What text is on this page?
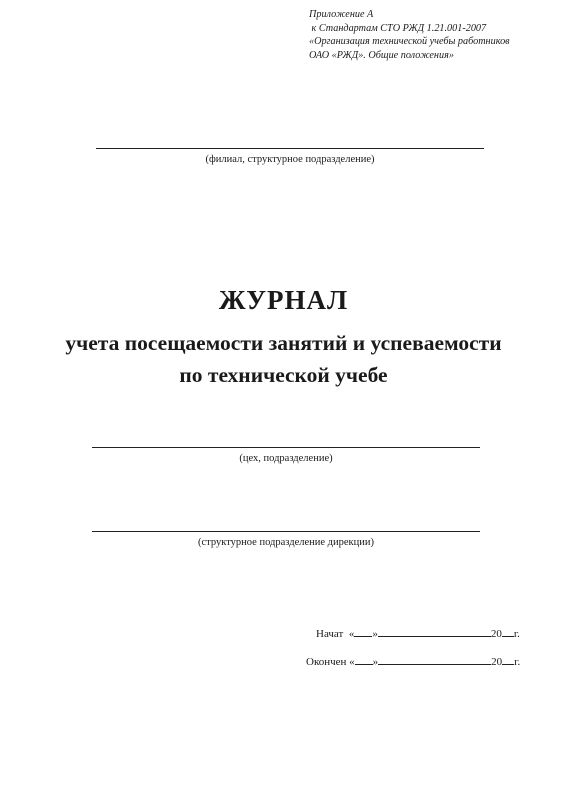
Приложение А
к Стандартам СТО РЖД 1.21.001-2007
«Организация технической учебы работников
ОАО «РЖД». Общие положения»
(филиал, структурное подразделение)
ЖУРНАЛ
учета посещаемости занятий и успеваемости
по технической учебе
(цех, подразделение)
(структурное подразделение дирекции)
Начат « »	20 г.
Окончен « »	20 г.
